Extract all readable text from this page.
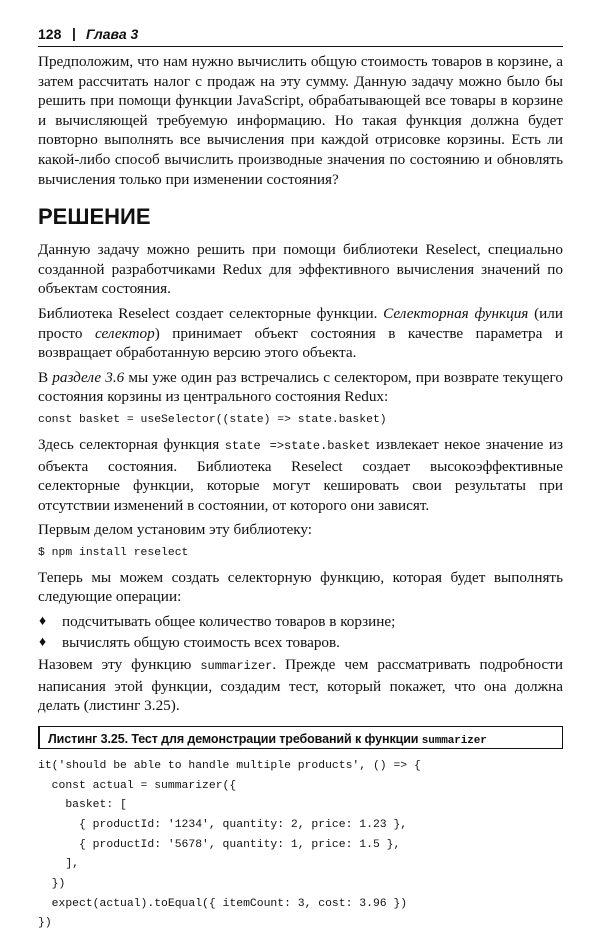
128 | Глава 3

Предположим, что нам нужно вычислить общую стоимость товаров в корзине, а затем рассчитать налог с продаж на эту сумму. Данную задачу можно было бы решить при помощи функции JavaScript, обрабатывающей все товары в корзине и вычисляющей требуемую информацию. Но такая функция должна будет повторно выполнять все вычисления при каждой отрисовке корзины. Есть ли какой-либо способ вычислить производные значения по состоянию и обновлять вычисления только при изменении состояния?

РЕШЕНИЕ

Данную задачу можно решить при помощи библиотеки Reselect, специально созданной разработчиками Redux для эффективного вычисления значений по объектам состояния.

Библиотека Reselect создает селекторные функции. Селекторная функция (или просто селектор) принимает объект состояния в качестве параметра и возвращает обработанную версию этого объекта.

В разделе 3.6 мы уже один раз встречались с селектором, при возврате текущего состояния корзины из центрального состояния Redux:

const basket = useSelector((state) => state.basket)

Здесь селекторная функция state =>state.basket извлекает некое значение из объекта состояния. Библиотека Reselect создает высокоэффективные селекторные функции, которые могут кешировать свои результаты при отсутствии изменений в состоянии, от которого они зависят.

Первым делом установим эту библиотеку:

$ npm install reselect

Теперь мы можем создать селекторную функцию, которая будет выполнять следующие операции:

♦ подсчитывать общее количество товаров в корзине;
♦ вычислять общую стоимость всех товаров.

Назовем эту функцию summarizer. Прежде чем рассматривать подробности написания этой функции, создадим тест, который покажет, что она должна делать (листинг 3.25).

Листинг 3.25. Тест для демонстрации требований к функции summarizer
it('should be able to handle multiple products', () => {
const actual = summarizer({
basket: [
{ productId: '1234', quantity: 2, price: 1.23 },
{ productId: '5678', quantity: 1, price: 1.5 },
],
})
expect(actual).toEqual({ itemCount: 3, cost: 3.96 })
})
